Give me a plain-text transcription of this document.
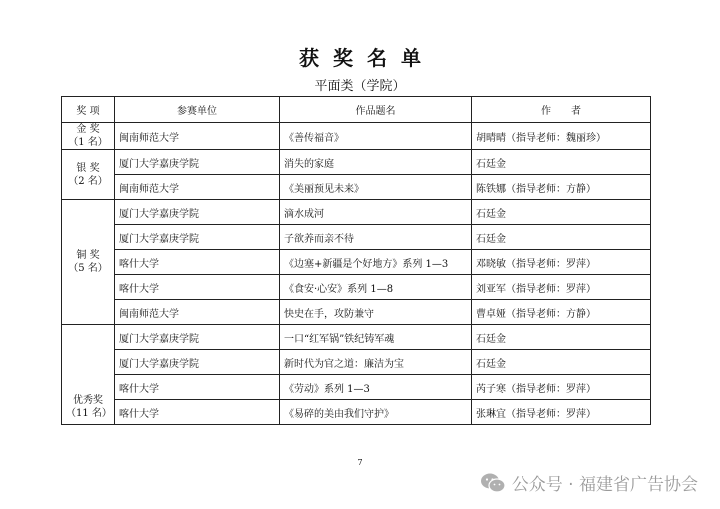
获奖名单
平面类（学院）
奖 项	参赛单位	作品题名	作　　者

金 奖
（1 名）	闽南师范大学	《善传福音》	胡晴晴（指导老师：魏丽珍）

银 奖
（2 名）	厦门大学嘉庚学院	消失的家庭	石廷金
	闽南师范大学	《美丽预见未来》	陈铁娜（指导老师：方静）

铜 奖
（5 名）	厦门大学嘉庚学院	滴水成河	石廷金
	厦门大学嘉庚学院	子欲养而亲不待	石廷金
	喀什大学	《边塞+新疆是个好地方》系列 1—3	邓晓敏（指导老师：罗萍）
	喀什大学	《食安·心安》系列 1—8	刘亚军（指导老师：罗萍）
	闽南师范大学	快史在手，攻防兼守	曹卓娅（指导老师：方静）

优秀奖
（11 名）	厦门大学嘉庚学院	一口“红军锅”铁纪铸军魂	石廷金
	厦门大学嘉庚学院	新时代为官之道：廉洁为宝	石廷金
	喀什大学	《劳动》系列 1—3	芮子寒（指导老师：罗萍）
	喀什大学	《易碎的美由我们守护》	张琳宜（指导老师：罗萍）
7
公众号 · 福建省广告协会
